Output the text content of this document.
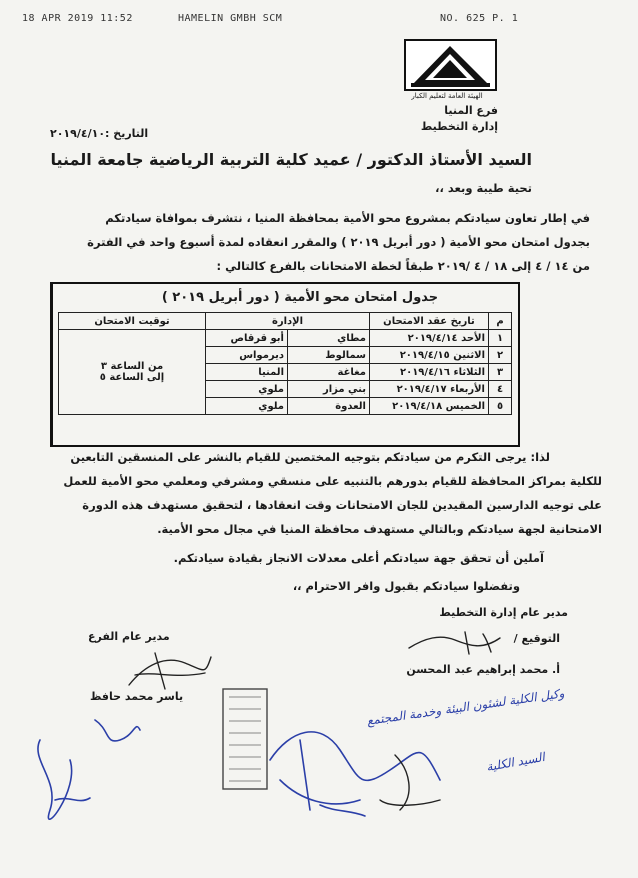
18 APR 2019 11:52	HAMELIN GMBH SCM	NO. 625 P. 1
الهيئة العامة لتعليم الكبار
فرع المنيا
إدارة التخطيط
التاريخ :٢٠١٩/٤/١٠
السيد الأستاذ الدكتور / عميد كلية التربية الرياضية جامعة المنيا
تحية طيبة وبعد ،،
في إطار تعاون سيادتكم بمشروع محو الأمية بمحافظة المنيا ، نتشرف بموافاة سيادتكم
بجدول امتحان محو الأمية ( دور أبريل ٢٠١٩ ) والمقرر انعقاده لمدة أسبوع واحد في الفترة
من ١٤ / ٤ إلى ١٨ / ٤ /٢٠١٩ طبقاً لخطة الامتحانات بالفرع كالتالي :
جدول امتحان محو الأمية ( دور أبريل ٢٠١٩ )
م	تاريخ عقد الامتحان	الإدارة		توقيت الامتحان
١	الأحد ٢٠١٩/٤/١٤	مطاي	أبو قرقاص	من الساعة ٣
إلى الساعة ٥

٢	الاثنين ٢٠١٩/٤/١٥	سمالوط	ديرمواس	
٣	الثلاثاء ٢٠١٩/٤/١٦	مغاغة	المنيا	
٤	الأربعاء ٢٠١٩/٤/١٧	بني مزار	ملوي	
٥	الخميس ٢٠١٩/٤/١٨	العدوة	ملوي	
لذا: يرجى التكرم من سيادتكم بتوجيه المختصين للقيام بالنشر على المنسقين التابعين
للكلية بمراكز المحافظة للقيام بدورهم بالتنبيه على منسقي ومشرفي ومعلمي محو الأمية للعمل
على توجيه الدارسين المقيدين للجان الامتحانات وقت انعقادها ، لتحقيق مستهدف هذه الدورة
الامتحانية لجهة سيادتكم وبالتالي مستهدف محافظة المنيا في مجال محو الأمية.
آملين أن تحقق جهة سيادتكم أعلى معدلات الانجاز بقيادة سيادتكم.
وتفضلوا سيادتكم بقبول وافر الاحترام ،،
مدير عام إدارة التخطيط
التوقيع /
أ. محمد إبراهيم عبد المحسن
مدير عام الفرع
ياسر محمد حافظ	وكيل الكلية لشئون البيئة وخدمة المجتمع
السيد الكلية
